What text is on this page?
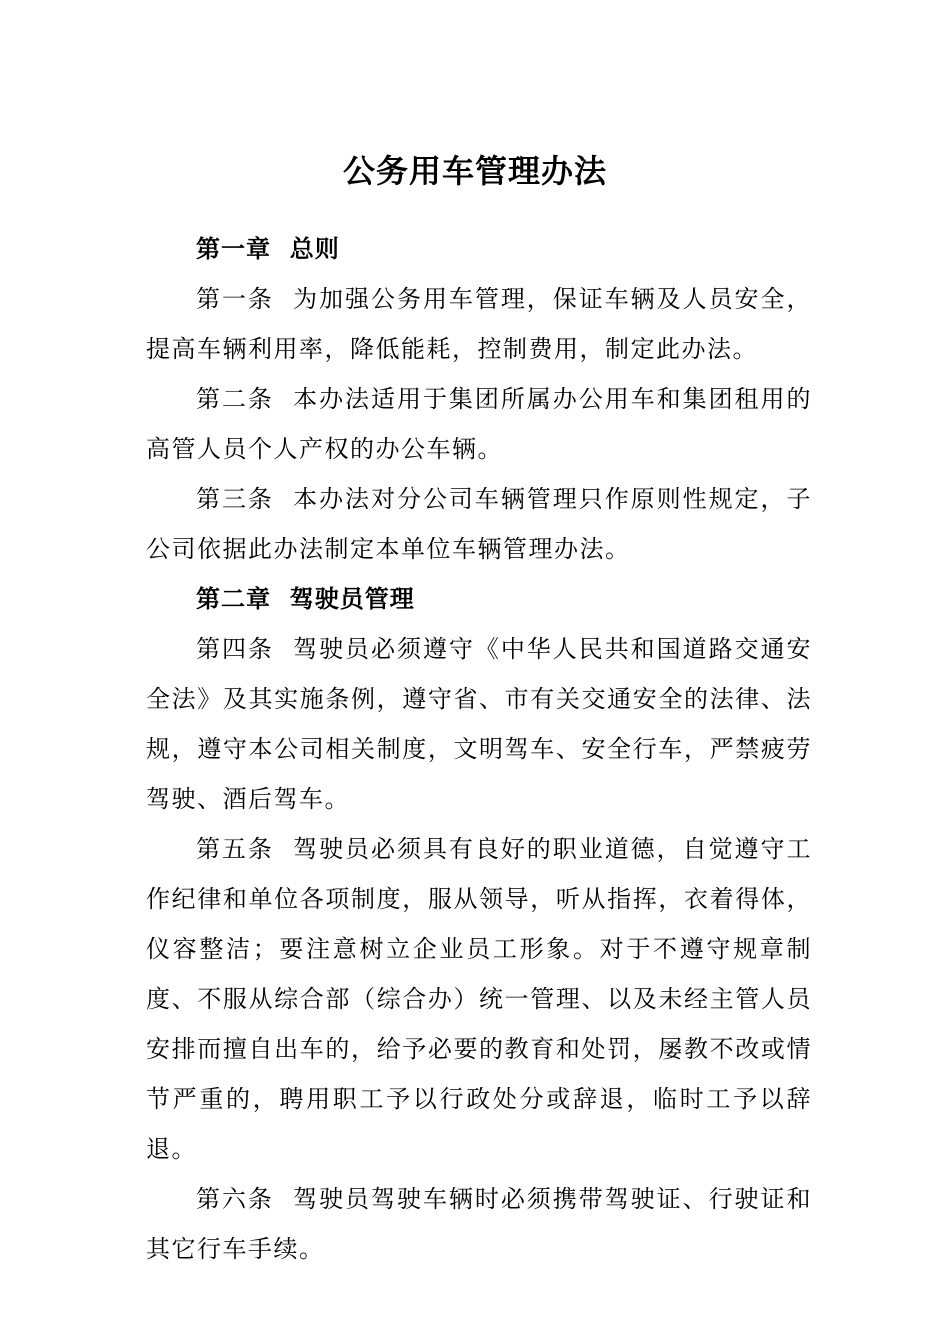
公务用车管理办法

第一章  总则

第一条  为加强公务用车管理，保证车辆及人员安全，提高车辆利用率，降低能耗，控制费用，制定此办法。

第二条  本办法适用于集团所属办公用车和集团租用的高管人员个人产权的办公车辆。

第三条  本办法对分公司车辆管理只作原则性规定，子公司依据此办法制定本单位车辆管理办法。

第二章  驾驶员管理

第四条  驾驶员必须遵守《中华人民共和国道路交通安全法》及其实施条例，遵守省、市有关交通安全的法律、法规，遵守本公司相关制度，文明驾车、安全行车，严禁疲劳驾驶、酒后驾车。

第五条  驾驶员必须具有良好的职业道德，自觉遵守工作纪律和单位各项制度，服从领导，听从指挥，衣着得体，仪容整洁；要注意树立企业员工形象。对于不遵守规章制度、不服从综合部（综合办）统一管理、以及未经主管人员安排而擅自出车的，给予必要的教育和处罚，屡教不改或情节严重的，聘用职工予以行政处分或辞退，临时工予以辞退。

第六条  驾驶员驾驶车辆时必须携带驾驶证、行驶证和其它行车手续。
